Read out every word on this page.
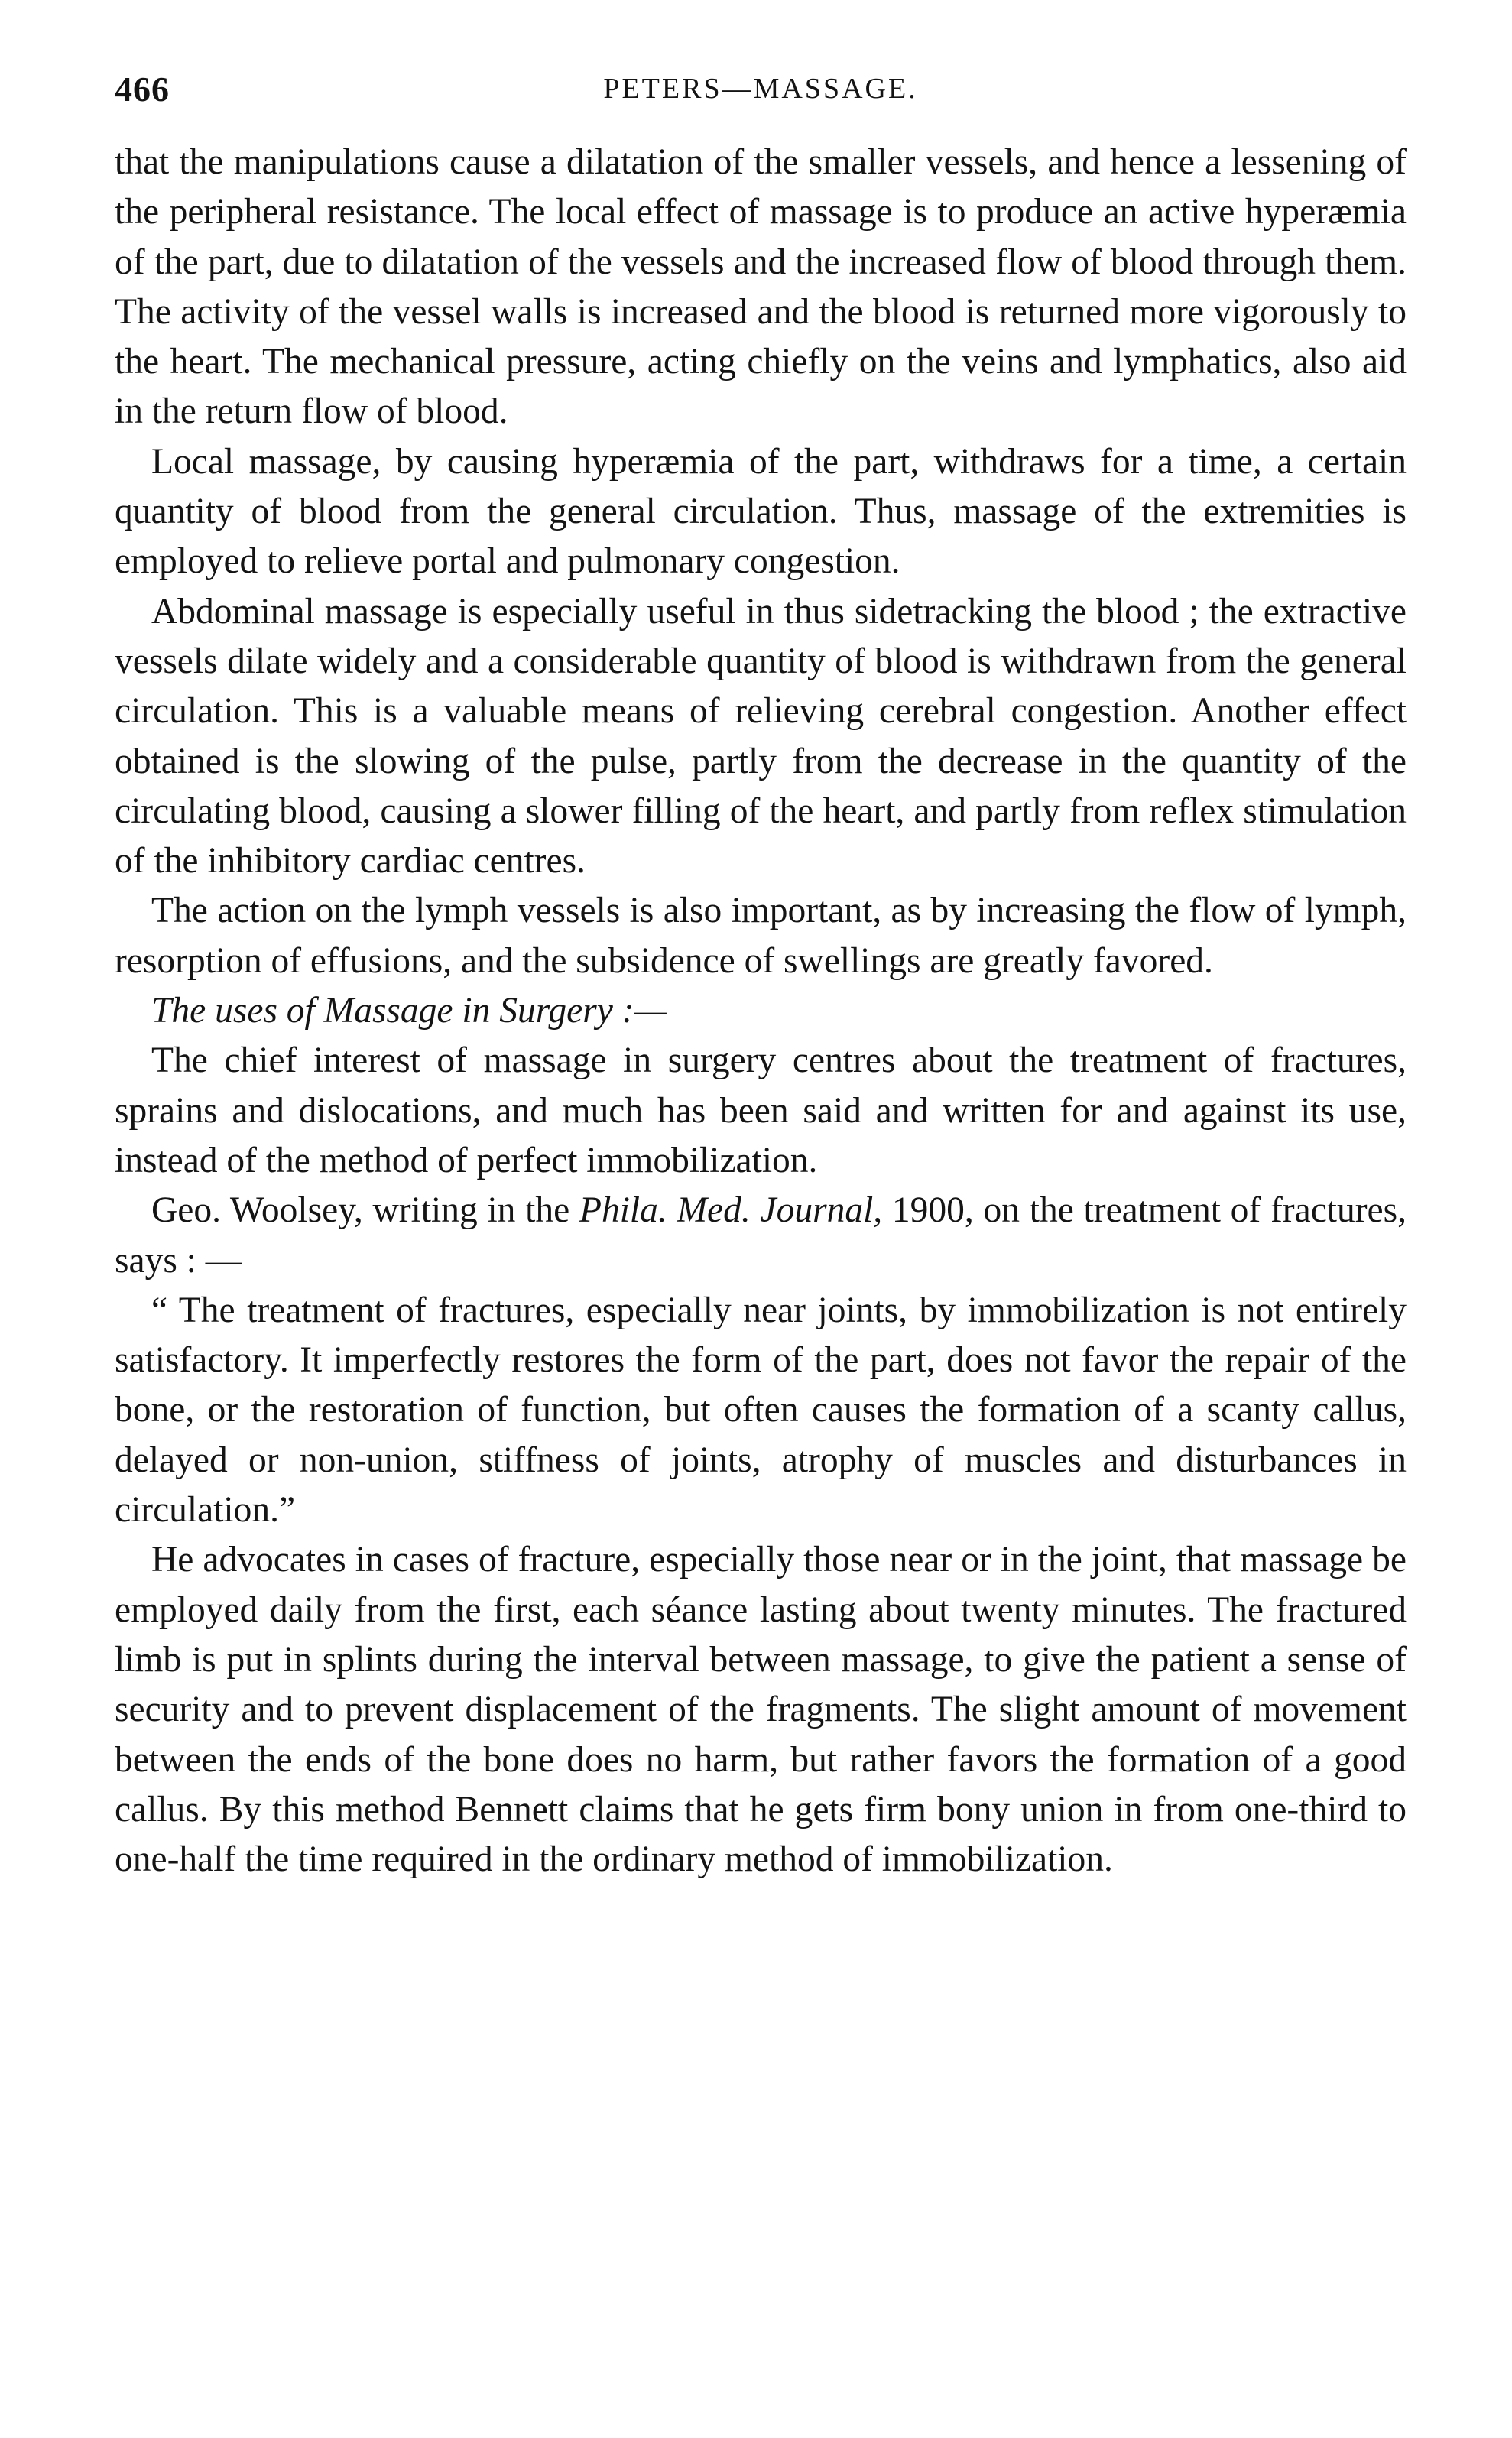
466	PETERS—MASSAGE.

that the manipulations cause a dilatation of the smaller vessels, and hence a lessening of the peripheral resistance. The local effect of massage is to produce an active hyperæmia of the part, due to dilatation of the vessels and the increased flow of blood through them. The activity of the vessel walls is increased and the blood is returned more vigorously to the heart. The mechanical pressure, acting chiefly on the veins and lymphatics, also aid in the return flow of blood.

Local massage, by causing hyperæmia of the part, withdraws for a time, a certain quantity of blood from the general circulation. Thus, massage of the extremities is employed to relieve portal and pulmonary congestion.

Abdominal massage is especially useful in thus sidetracking the blood ; the extractive vessels dilate widely and a considerable quantity of blood is withdrawn from the general circulation. This is a valuable means of relieving cerebral congestion. Another effect obtained is the slowing of the pulse, partly from the decrease in the quantity of the circulating blood, causing a slower filling of the heart, and partly from reflex stimulation of the inhibitory cardiac centres.

The action on the lymph vessels is also important, as by increasing the flow of lymph, resorption of effusions, and the subsidence of swellings are greatly favored.

The uses of Massage in Surgery :—

The chief interest of massage in surgery centres about the treatment of fractures, sprains and dislocations, and much has been said and written for and against its use, instead of the method of perfect immobilization.

Geo. Woolsey, writing in the Phila. Med. Journal, 1900, on the treatment of fractures, says : —

“ The treatment of fractures, especially near joints, by immobilization is not entirely satisfactory. It imperfectly restores the form of the part, does not favor the repair of the bone, or the restoration of function, but often causes the formation of a scanty callus, delayed or non-union, stiffness of joints, atrophy of muscles and disturbances in circulation.”

He advocates in cases of fracture, especially those near or in the joint, that massage be employed daily from the first, each séance lasting about twenty minutes. The fractured limb is put in splints during the interval between massage, to give the patient a sense of security and to prevent displacement of the fragments. The slight amount of movement between the ends of the bone does no harm, but rather favors the formation of a good callus. By this method Bennett claims that he gets firm bony union in from one-third to one-half the time required in the ordinary method of immobilization.
